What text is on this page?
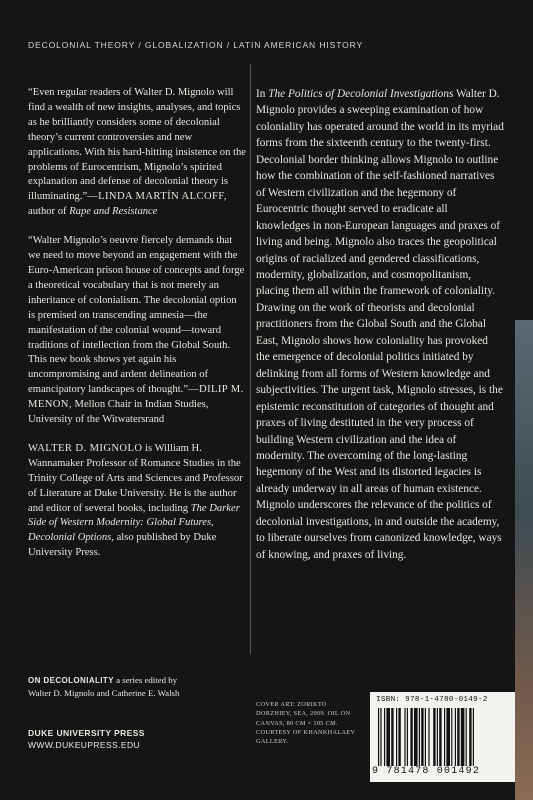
DECOLONIAL THEORY / GLOBALIZATION / LATIN AMERICAN HISTORY

“Even regular readers of Walter D. Mignolo will find a wealth of new insights, analyses, and topics as he brilliantly considers some of decolonial theory’s current controversies and new applications. With his hard-hitting insistence on the problems of Eurocentrism, Mignolo’s spirited explanation and defense of decolonial theory is illuminating.”—LINDA MARTÍN ALCOFF, author of Rape and Resistance

“Walter Mignolo’s oeuvre fiercely demands that we need to move beyond an engagement with the Euro-American prison house of concepts and forge a theoretical vocabulary that is not merely an inheritance of colonialism. The decolonial option is premised on transcending amnesia—the manifestation of the colonial wound—toward traditions of intellection from the Global South. This new book shows yet again his uncompromising and ardent delineation of emancipatory landscapes of thought.”—DILIP M. MENON, Mellon Chair in Indian Studies, University of the Witwatersrand

WALTER D. MIGNOLO is William H. Wannamaker Professor of Romance Studies in the Trinity College of Arts and Sciences and Professor of Literature at Duke University. He is the author and editor of several books, including The Darker Side of Western Modernity: Global Futures, Decolonial Options, also published by Duke University Press.

In The Politics of Decolonial Investigations Walter D. Mignolo provides a sweeping examination of how coloniality has operated around the world in its myriad forms from the sixteenth century to the twenty-first. Decolonial border thinking allows Mignolo to outline how the combination of the self-fashioned narratives of Western civilization and the hegemony of Eurocentric thought served to eradicate all knowledges in non-European languages and praxes of living and being. Mignolo also traces the geopolitical origins of racialized and gendered classifications, modernity, globalization, and cosmopolitanism, placing them all within the framework of coloniality. Drawing on the work of theorists and decolonial practitioners from the Global South and the Global East, Mignolo shows how coloniality has provoked the emergence of decolonial politics initiated by delinking from all forms of Western knowledge and subjectivities. The urgent task, Mignolo stresses, is the epistemic reconstitution of categories of thought and praxes of living destituted in the very process of building Western civilization and the idea of modernity. The overcoming of the long-lasting hegemony of the West and its distorted legacies is already underway in all areas of human existence. Mignolo underscores the relevance of the politics of decolonial investigations, in and outside the academy, to liberate ourselves from canonized knowledge, ways of knowing, and praxes of living.

ON DECOLONIALITY a series edited by
Walter D. Mignolo and Catherine E. Walsh
DUKE UNIVERSITY PRESS
WWW.DUKEUPRESS.EDU
COVER ART: ZORIKTO DORZHIEV, SEA, 2009. OIL ON CANVAS, 80 CM × 105 CM. COURTESY OF KHANKHALAEV GALLERY.
ISBN: 978-1-4780-0149-2
9 781478 001492
